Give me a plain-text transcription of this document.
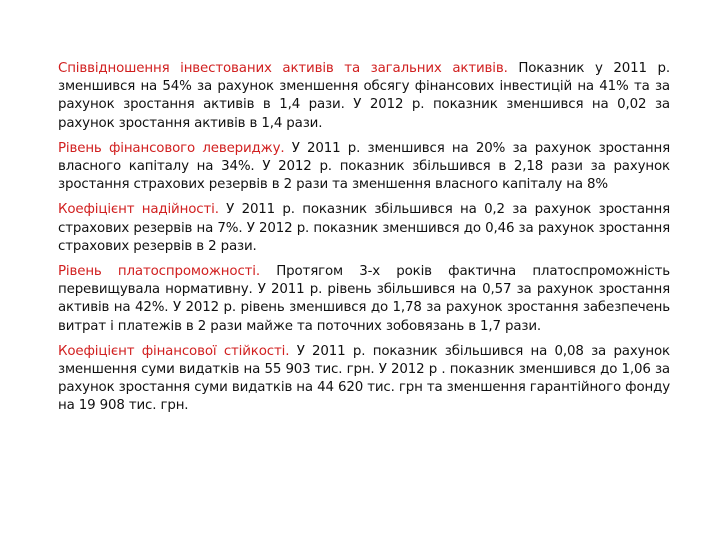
Співвідношення інвестованих активів та загальних активів. Показник у 2011 р. зменшився на 54% за рахунок зменшення обсягу фінансових інвестицій на 41% та за рахунок зростання активів в 1,4 рази. У 2012 р. показник зменшився на 0,02 за рахунок зростання активів в 1,4 рази.

Рівень фінансового левериджу. У 2011 р. зменшився на 20% за рахунок зростання власного капіталу на 34%. У 2012 р. показник збільшився в 2,18 рази за рахунок зростання страхових резервів в 2 рази та зменшення власного капіталу на 8%

Коефіцієнт надійності. У 2011 р. показник збільшився на 0,2 за рахунок зростання страхових резервів на 7%. У 2012 р. показник зменшився до 0,46 за рахунок зростання страхових резервів в 2 рази.

Рівень платоспроможності. Протягом 3-х років фактична платоспроможність перевищувала нормативну. У 2011 р. рівень збільшився на 0,57 за рахунок зростання активів на 42%. У 2012 р. рівень зменшився до 1,78 за рахунок зростання забезпечень витрат і платежів в 2 рази майже та поточних зобовязань в 1,7 рази.

Коефіцієнт фінансової стійкості. У 2011 р. показник збільшився на 0,08 за рахунок зменшення суми видатків на 55 903 тис. грн. У 2012 р . показник зменшився до 1,06 за рахунок зростання суми видатків на 44 620 тис. грн та зменшення гарантійного фонду на 19 908 тис. грн.
